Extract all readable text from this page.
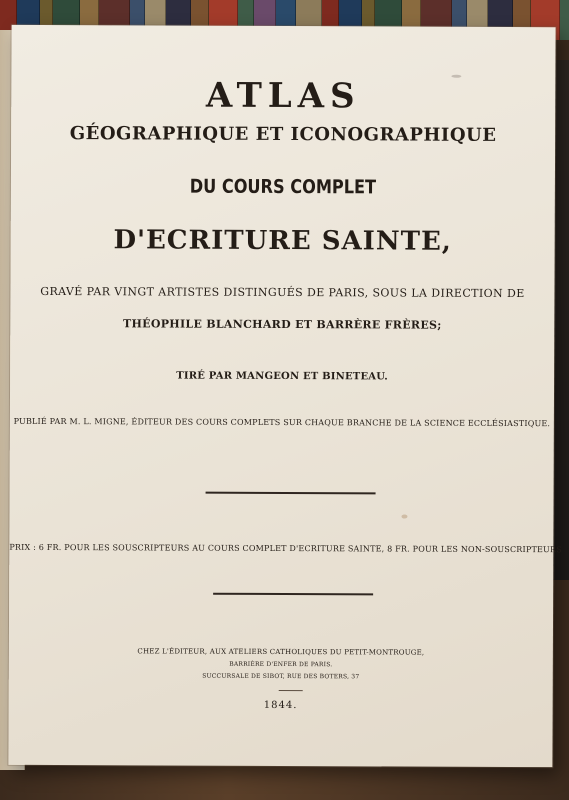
ATLAS
GÉOGRAPHIQUE ET ICONOGRAPHIQUE
DU COURS COMPLET
D'ECRITURE SAINTE,
GRAVÉ PAR VINGT ARTISTES DISTINGUÉS DE PARIS, SOUS LA DIRECTION DE
THÉOPHILE BLANCHARD ET BARRÈRE FRÈRES;
TIRÉ PAR MANGEON ET BINETEAU.
PUBLIÉ PAR M. L. MIGNE, ÉDITEUR DES COURS COMPLETS SUR CHAQUE BRANCHE DE LA SCIENCE ECCLÉSIASTIQUE.
PRIX : 6 FR. POUR LES SOUSCRIPTEURS AU COURS COMPLET D'ECRITURE SAINTE, 8 FR. POUR LES NON-SOUSCRIPTEURS
CHEZ L'ÉDITEUR, AUX ATELIERS CATHOLIQUES DU PETIT-MONTROUGE,
BARRIÈRE D'ENFER DE PARIS.
SUCCURSALE DE SIBOT, RUE DES BOTERS, 37
1844.
